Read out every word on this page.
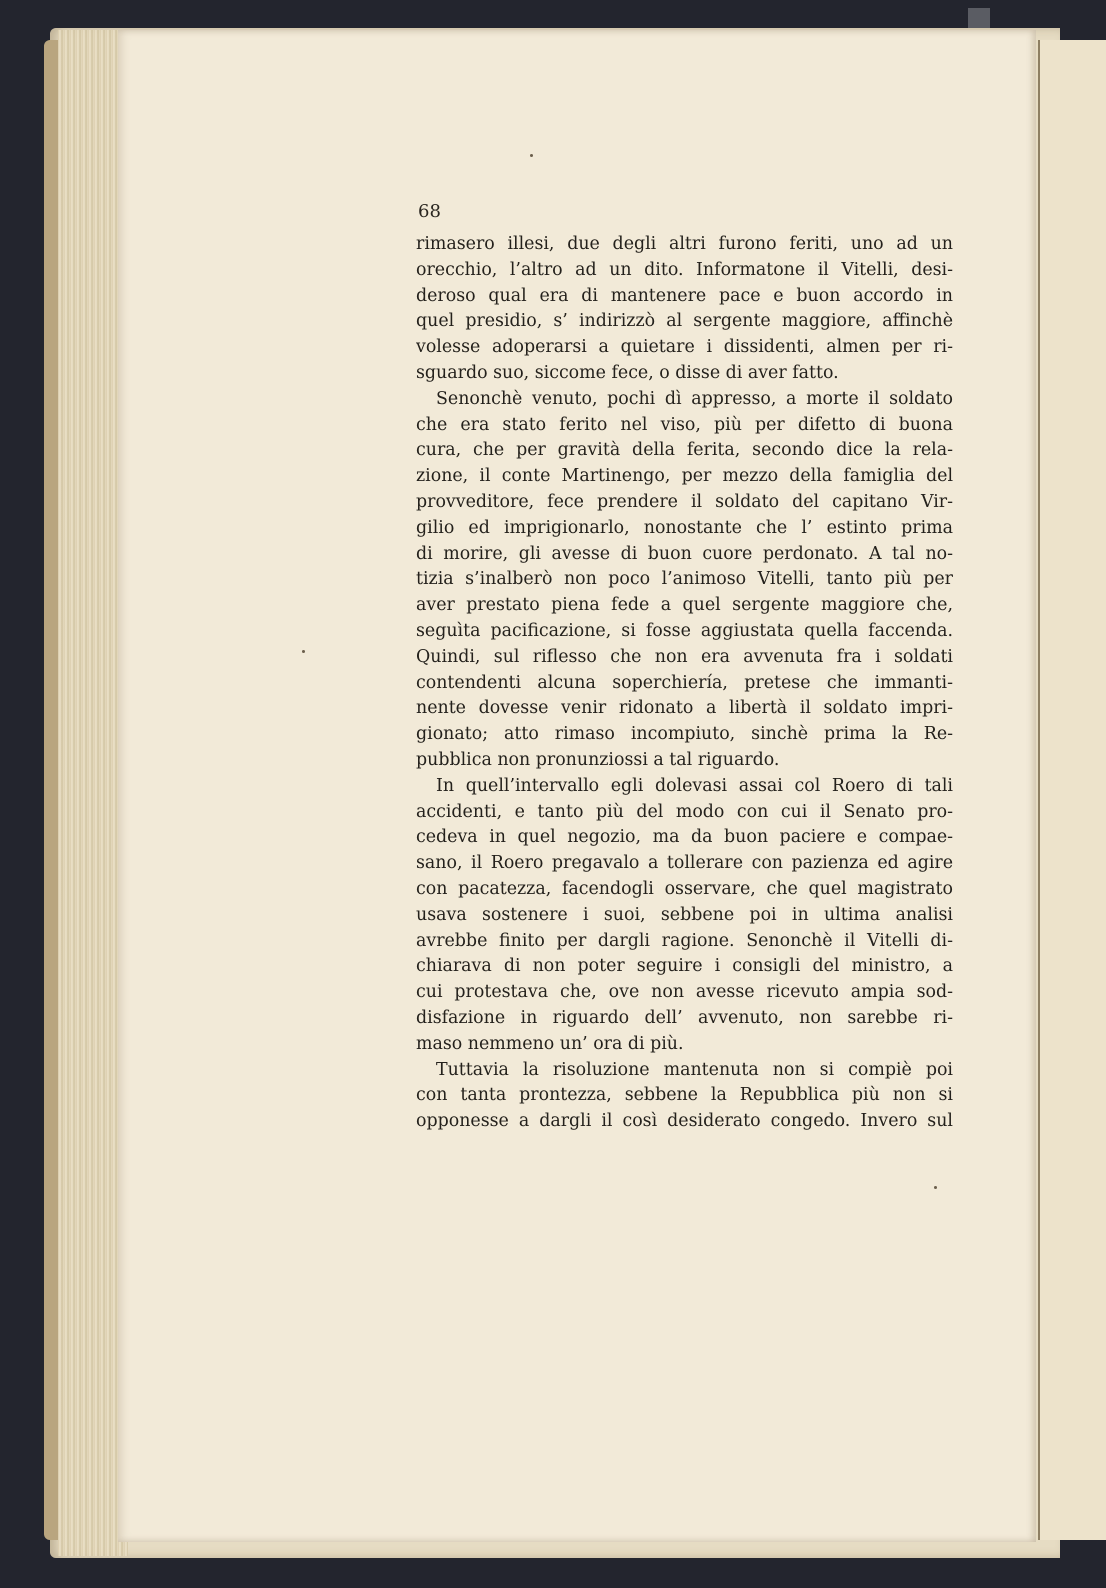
68
rimasero illesi, due degli altri furono feriti, uno ad un
orecchio, l’altro ad un dito. Informatone il Vitelli, desi-
deroso qual era di mantenere pace e buon accordo in
quel presidio, s’ indirizzò al sergente maggiore, affinchè
volesse adoperarsi a quietare i dissidenti, almen per ri-
sguardo suo, siccome fece, o disse di aver fatto.
Senonchè venuto, pochi dì appresso, a morte il soldato
che era stato ferito nel viso, più per difetto di buona
cura, che per gravità della ferita, secondo dice la rela-
zione, il conte Martinengo, per mezzo della famiglia del
provveditore, fece prendere il soldato del capitano Vir-
gilio ed imprigionarlo, nonostante che l’ estinto prima
di morire, gli avesse di buon cuore perdonato. A tal no-
tizia s’inalberò non poco l’animoso Vitelli, tanto più per
aver prestato piena fede a quel sergente maggiore che,
seguìta pacificazione, si fosse aggiustata quella faccenda.
Quindi, sul riflesso che non era avvenuta fra i soldati
contendenti alcuna soperchiería, pretese che immanti-
nente dovesse venir ridonato a libertà il soldato impri-
gionato; atto rimaso incompiuto, sinchè prima la Re-
pubblica non pronunziossi a tal riguardo.
In quell’intervallo egli dolevasi assai col Roero di tali
accidenti, e tanto più del modo con cui il Senato pro-
cedeva in quel negozio, ma da buon paciere e compae-
sano, il Roero pregavalo a tollerare con pazienza ed agire
con pacatezza, facendogli osservare, che quel magistrato
usava sostenere i suoi, sebbene poi in ultima analisi
avrebbe finito per dargli ragione. Senonchè il Vitelli di-
chiarava di non poter seguire i consigli del ministro, a
cui protestava che, ove non avesse ricevuto ampia sod-
disfazione in riguardo dell’ avvenuto, non sarebbe ri-
maso nemmeno un’ ora di più.
Tuttavia la risoluzione mantenuta non si compiè poi
con tanta prontezza, sebbene la Repubblica più non si
opponesse a dargli il così desiderato congedo. Invero sul
